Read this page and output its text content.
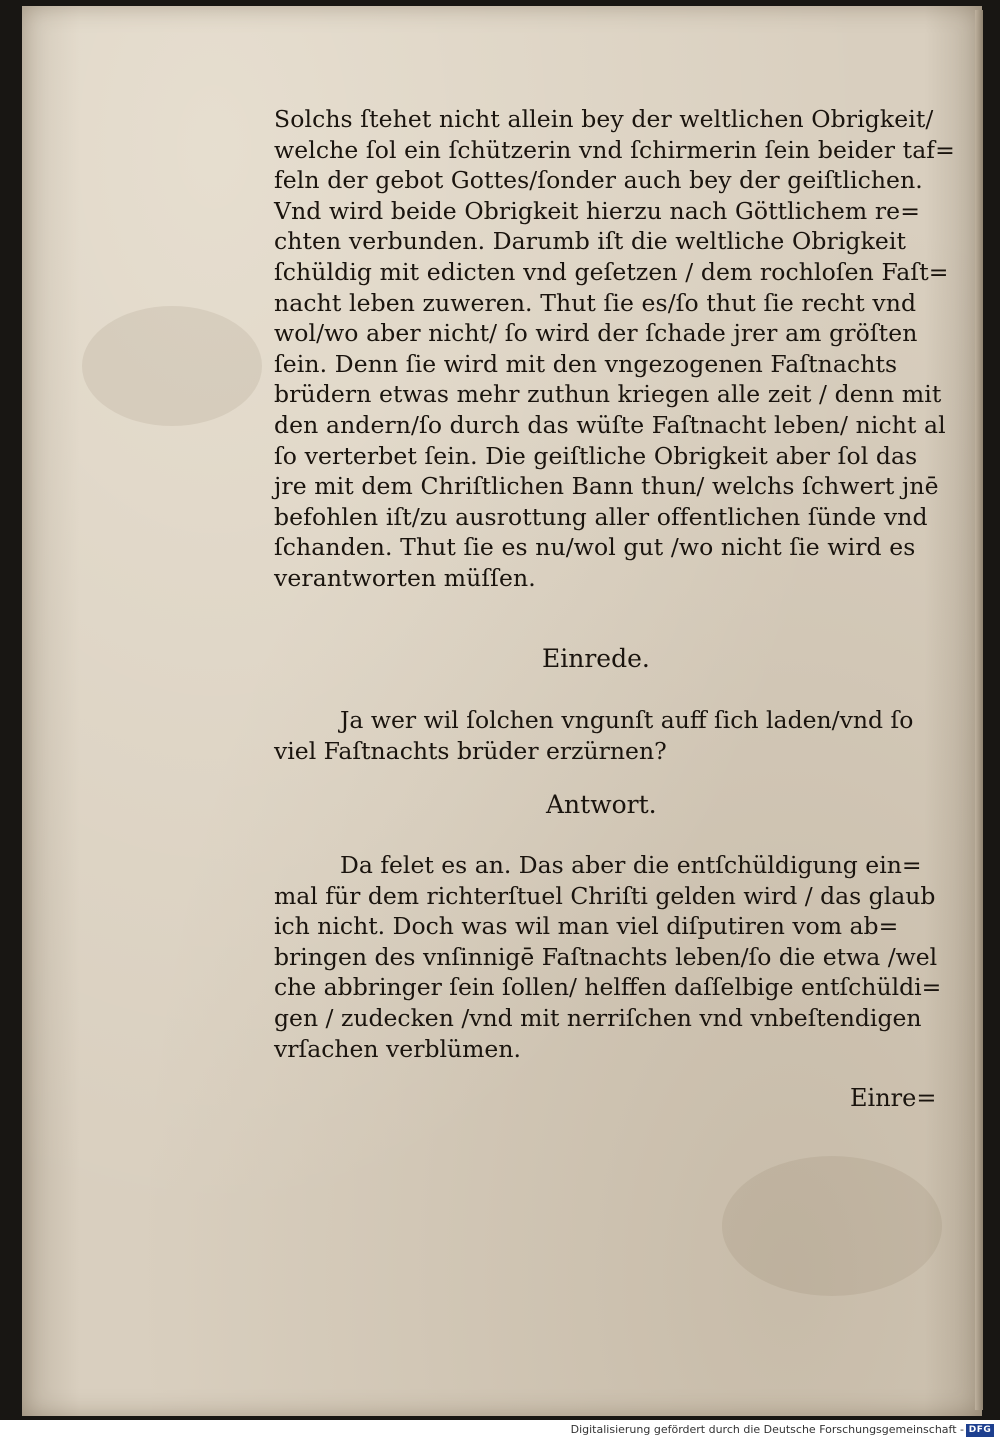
Solchs ſtehet nicht allein bey der weltlichen Obrigkeit/
welche ſol ein ſchützerin vnd ſchirmerin ſein beider taf=
feln der gebot Gottes/ſonder auch bey der geiſtlichen.
Vnd wird beide Obrigkeit hierzu nach Göttlichem re=
chten verbunden. Darumb iſt die weltliche Obrigkeit
ſchüldig mit edicten vnd geſetzen / dem rochloſen Faſt=
nacht leben zuweren. Thut ſie es/ſo thut ſie recht vnd
wol/wo aber nicht/ ſo wird der ſchade jrer am gröſten
ſein. Denn ſie wird mit den vngezogenen Faſtnachts
brüdern etwas mehr zuthun kriegen alle zeit / denn mit
den andern/ſo durch das wüſte Faſtnacht leben/ nicht al
ſo verterbet ſein. Die geiſtliche Obrigkeit aber ſol das
jre mit dem Chriſtlichen Bann thun/ welchs ſchwert jnē
befohlen iſt/zu ausrottung aller offentlichen ſünde vnd
ſchanden. Thut ſie es nu/wol gut /wo nicht ſie wird es
verantworten müſſen.
Einrede.
Ja wer wil ſolchen vngunſt auff ſich laden/vnd ſo
viel Faſtnachts brüder erzürnen?
Antwort.
Da felet es an. Das aber die entſchüldigung ein=
mal für dem richterſtuel Chriſti gelden wird / das glaub
ich nicht. Doch was wil man viel diſputiren vom ab=
bringen des vnſinnigē Faſtnachts leben/ſo die etwa /wel
che abbringer ſein ſollen/ helffen daſſelbige entſchüldi=
gen / zudecken /vnd mit nerriſchen vnd vnbeſtendigen
vrſachen verblümen.
Einre=
Digitalisierung gefördert durch die Deutsche Forschungsgemeinschaft - DFG
